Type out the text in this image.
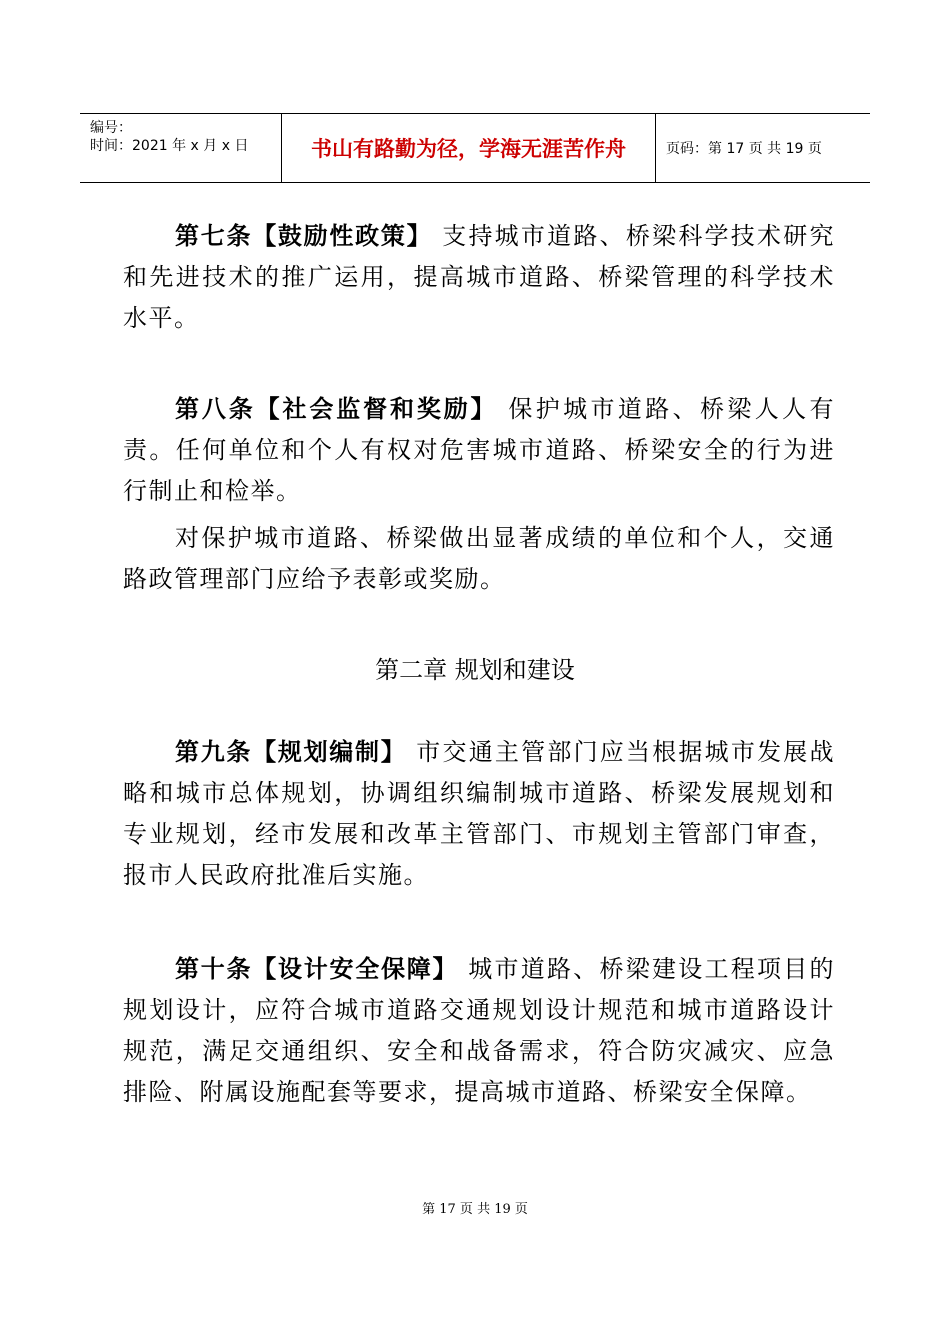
编号：
时间：2021 年 x 月 x 日	书山有路勤为径，学海无涯苦作舟	页码：第 17 页 共 19 页
第七条【鼓励性政策】 支持城市道路、桥梁科学技术研究和先进技术的推广运用，提高城市道路、桥梁管理的科学技术水平。
第八条【社会监督和奖励】 保护城市道路、桥梁人人有责。任何单位和个人有权对危害城市道路、桥梁安全的行为进行制止和检举。
对保护城市道路、桥梁做出显著成绩的单位和个人，交通路政管理部门应给予表彰或奖励。
第二章 规划和建设
第九条【规划编制】 市交通主管部门应当根据城市发展战略和城市总体规划，协调组织编制城市道路、桥梁发展规划和专业规划，经市发展和改革主管部门、市规划主管部门审查，报市人民政府批准后实施。
第十条【设计安全保障】 城市道路、桥梁建设工程项目的规划设计，应符合城市道路交通规划设计规范和城市道路设计规范，满足交通组织、安全和战备需求，符合防灾减灾、应急排险、附属设施配套等要求，提高城市道路、桥梁安全保障。
第 17 页 共 19 页
